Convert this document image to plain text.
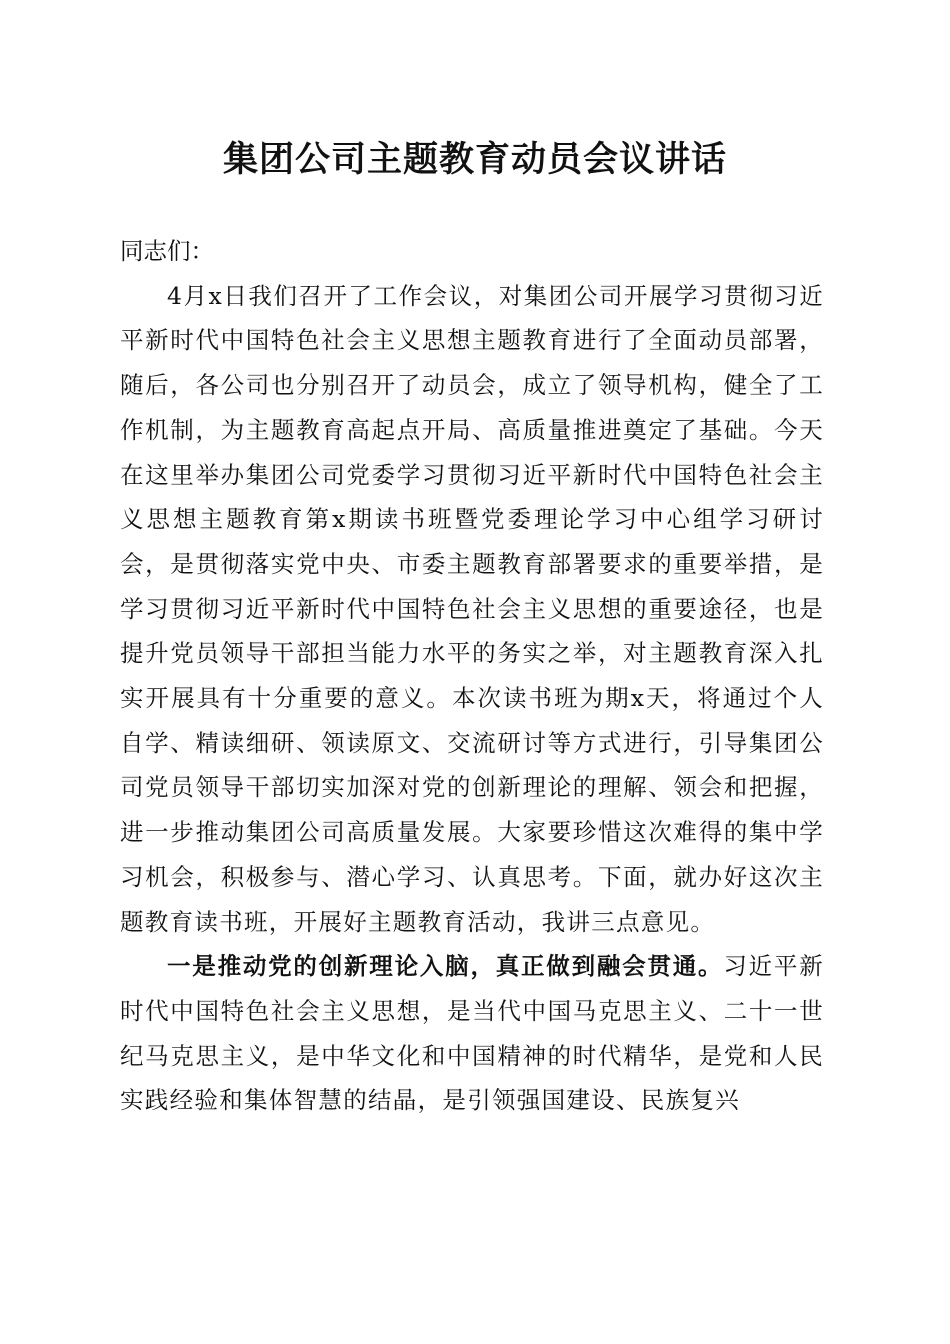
集团公司主题教育动员会议讲话

同志们：

4月x日我们召开了工作会议，对集团公司开展学习贯彻习近平新时代中国特色社会主义思想主题教育进行了全面动员部署，随后，各公司也分别召开了动员会，成立了领导机构，健全了工作机制，为主题教育高起点开局、高质量推进奠定了基础。今天在这里举办集团公司党委学习贯彻习近平新时代中国特色社会主义思想主题教育第x期读书班暨党委理论学习中心组学习研讨会，是贯彻落实党中央、市委主题教育部署要求的重要举措，是学习贯彻习近平新时代中国特色社会主义思想的重要途径，也是提升党员领导干部担当能力水平的务实之举，对主题教育深入扎实开展具有十分重要的意义。本次读书班为期x天，将通过个人自学、精读细研、领读原文、交流研讨等方式进行，引导集团公司党员领导干部切实加深对党的创新理论的理解、领会和把握，进一步推动集团公司高质量发展。大家要珍惜这次难得的集中学习机会，积极参与、潜心学习、认真思考。下面，就办好这次主题教育读书班，开展好主题教育活动，我讲三点意见。

一是推动党的创新理论入脑，真正做到融会贯通。习近平新时代中国特色社会主义思想，是当代中国马克思主义、二十一世纪马克思主义，是中华文化和中国精神的时代精华，是党和人民实践经验和集体智慧的结晶，是引领强国建设、民族复兴
